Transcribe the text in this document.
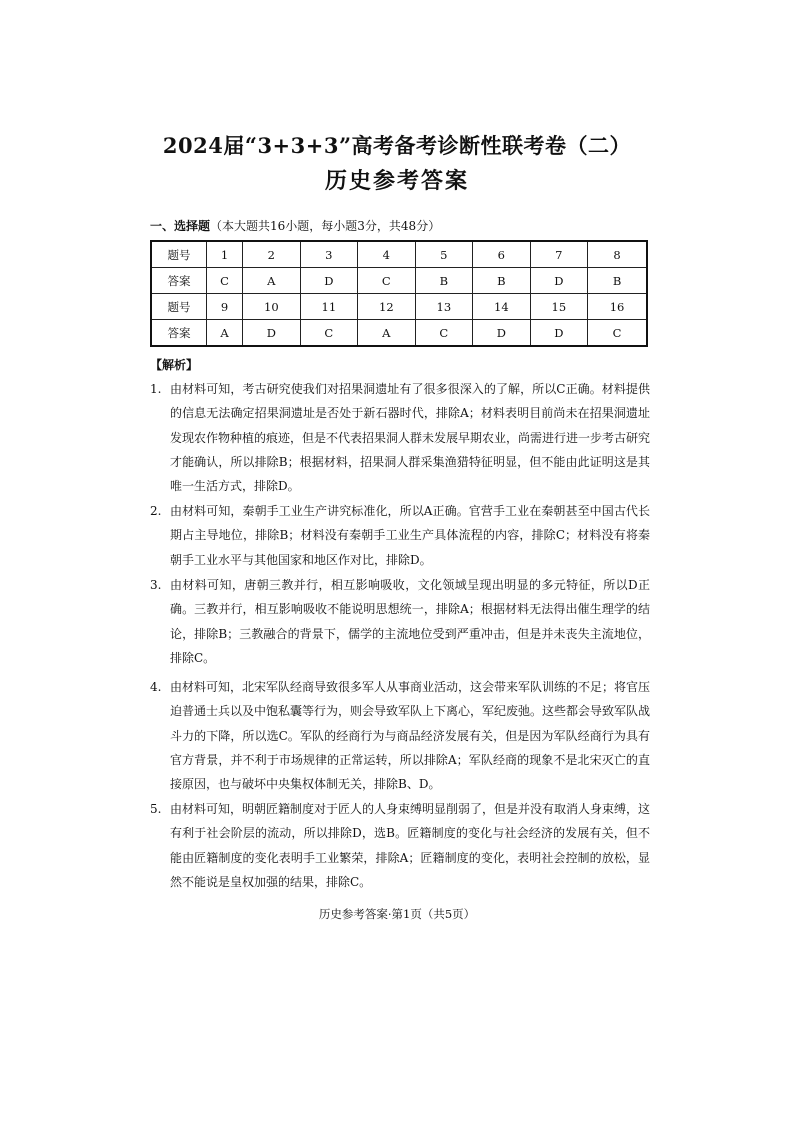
2024届“3+3+3”高考备考诊断性联考卷（二）
历史参考答案
一、选择题（本大题共16小题，每小题3分，共48分）
题号	1	2	3	4	5	6	7	8
答案	C	A	D	C	B	B	D	B
题号	9	10	11	12	13	14	15	16
答案	A	D	C	A	C	D	D	C
【解析】
1. 由材料可知，考古研究使我们对招果洞遗址有了很多很深入的了解，所以C正确。材料提供的信息无法确定招果洞遗址是否处于新石器时代，排除A；材料表明目前尚未在招果洞遗址发现农作物种植的痕迹，但是不代表招果洞人群未发展早期农业，尚需进行进一步考古研究才能确认，所以排除B；根据材料，招果洞人群采集渔猎特征明显，但不能由此证明这是其唯一生活方式，排除D。
2. 由材料可知，秦朝手工业生产讲究标准化，所以A正确。官营手工业在秦朝甚至中国古代长期占主导地位，排除B；材料没有秦朝手工业生产具体流程的内容，排除C；材料没有将秦朝手工业水平与其他国家和地区作对比，排除D。
3. 由材料可知，唐朝三教并行，相互影响吸收，文化领域呈现出明显的多元特征，所以D正确。三教并行，相互影响吸收不能说明思想统一，排除A；根据材料无法得出催生理学的结论，排除B；三教融合的背景下，儒学的主流地位受到严重冲击，但是并未丧失主流地位，排除C。
4. 由材料可知，北宋军队经商导致很多军人从事商业活动，这会带来军队训练的不足；将官压迫普通士兵以及中饱私囊等行为，则会导致军队上下离心，军纪废弛。这些都会导致军队战斗力的下降，所以选C。军队的经商行为与商品经济发展有关，但是因为军队经商行为具有官方背景，并不利于市场规律的正常运转，所以排除A；军队经商的现象不是北宋灭亡的直接原因，也与破坏中央集权体制无关，排除B、D。
5. 由材料可知，明朝匠籍制度对于匠人的人身束缚明显削弱了，但是并没有取消人身束缚，这有利于社会阶层的流动，所以排除D，选B。匠籍制度的变化与社会经济的发展有关，但不能由匠籍制度的变化表明手工业繁荣，排除A；匠籍制度的变化，表明社会控制的放松，显然不能说是皇权加强的结果，排除C。
历史参考答案·第1页（共5页）
